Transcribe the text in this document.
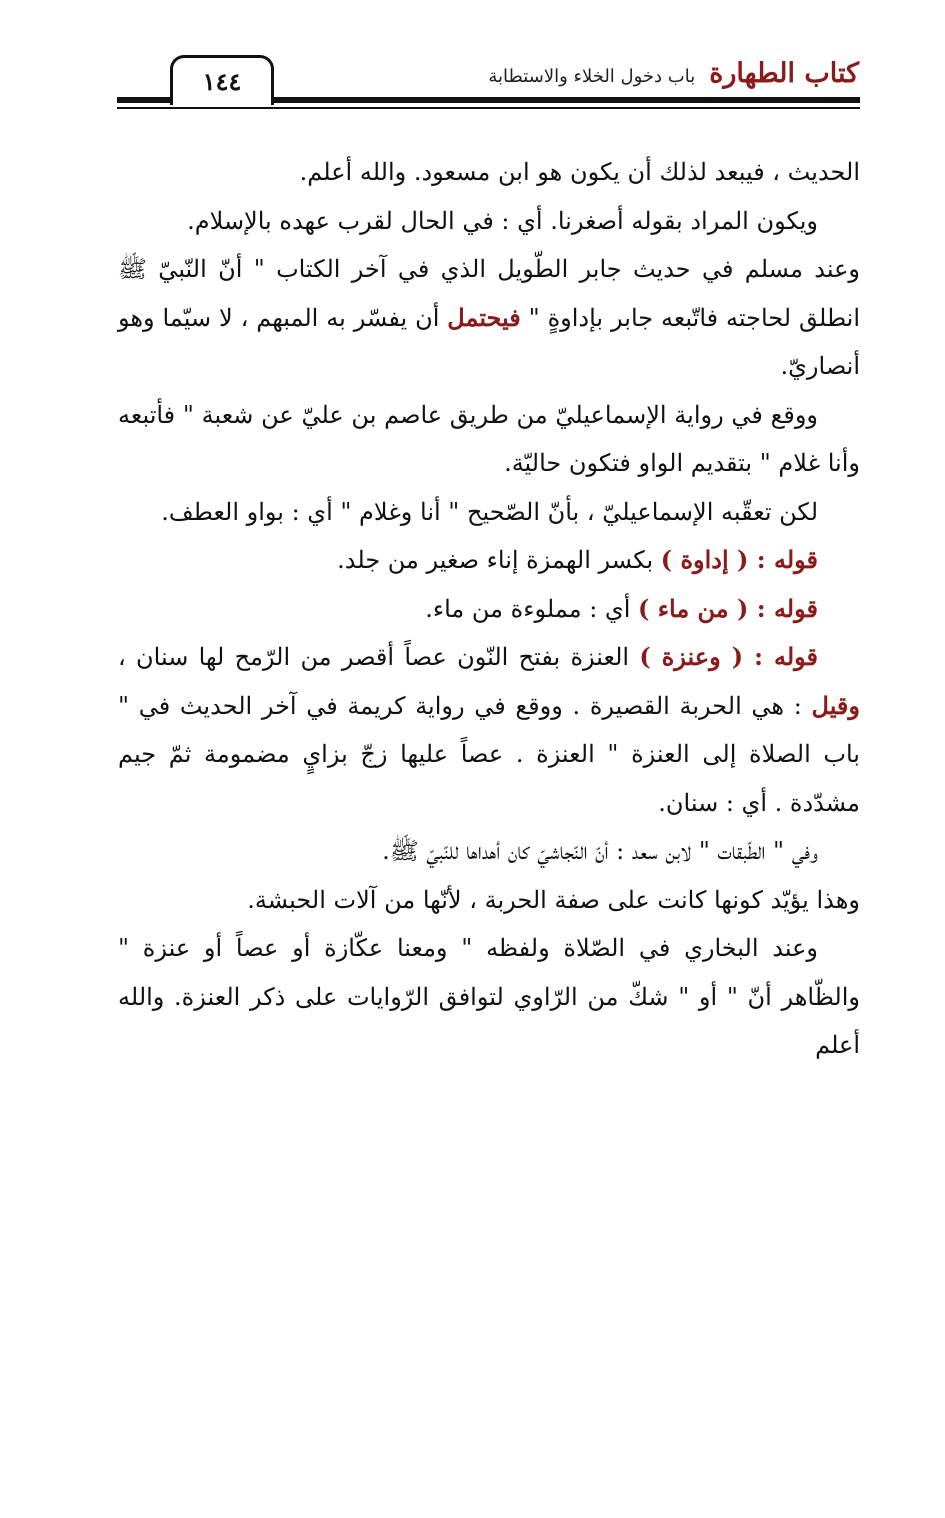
كتاب الطهارة
باب دخول الخلاء والاستطابة
١٤٤

الحديث ، فيبعد لذلك أن يكون هو ابن مسعود. والله أعلم.

ويكون المراد بقوله أصغرنا. أي : في الحال لقرب عهده بالإسلام.

وعند مسلم في حديث جابر الطّويل الذي في آخر الكتاب " أنّ النّبيّ ﷺ انطلق لحاجته فاتّبعه جابر بإداوةٍ " فيحتمل أن يفسّر به المبهم ، لا سيّما وهو أنصاريّ.

ووقع في رواية الإسماعيليّ من طريق عاصم بن عليّ عن شعبة " فأتبعه وأنا غلام " بتقديم الواو فتكون حاليّة.

لكن تعقّبه الإسماعيليّ ، بأنّ الصّحيح " أنا وغلام " أي : بواو العطف.

قوله : ( إداوة ) بكسر الهمزة إناء صغير من جلد.

قوله : ( من ماء ) أي : مملوءة من ماء.

قوله : ( وعنزة ) العنزة بفتح النّون عصاً أقصر من الرّمح لها سنان ، وقيل : هي الحربة القصيرة . ووقع في رواية كريمة في آخر الحديث في " باب الصلاة إلى العنزة " العنزة . عصاً عليها زجّ بزايٍ مضمومة ثمّ جيم مشدّدة . أي : سنان.

وفي " الطّبقات " لابن سعد : أنّ النّجاشيّ كان أهداها للنّبيّ ﷺ.

وهذا يؤيّد كونها كانت على صفة الحربة ، لأنّها من آلات الحبشة.

وعند البخاري في الصّلاة ولفظه " ومعنا عكّازة أو عصاً أو عنزة " والظّاهر أنّ " أو " شكّ من الرّاوي لتوافق الرّوايات على ذكر العنزة. والله أعلم
